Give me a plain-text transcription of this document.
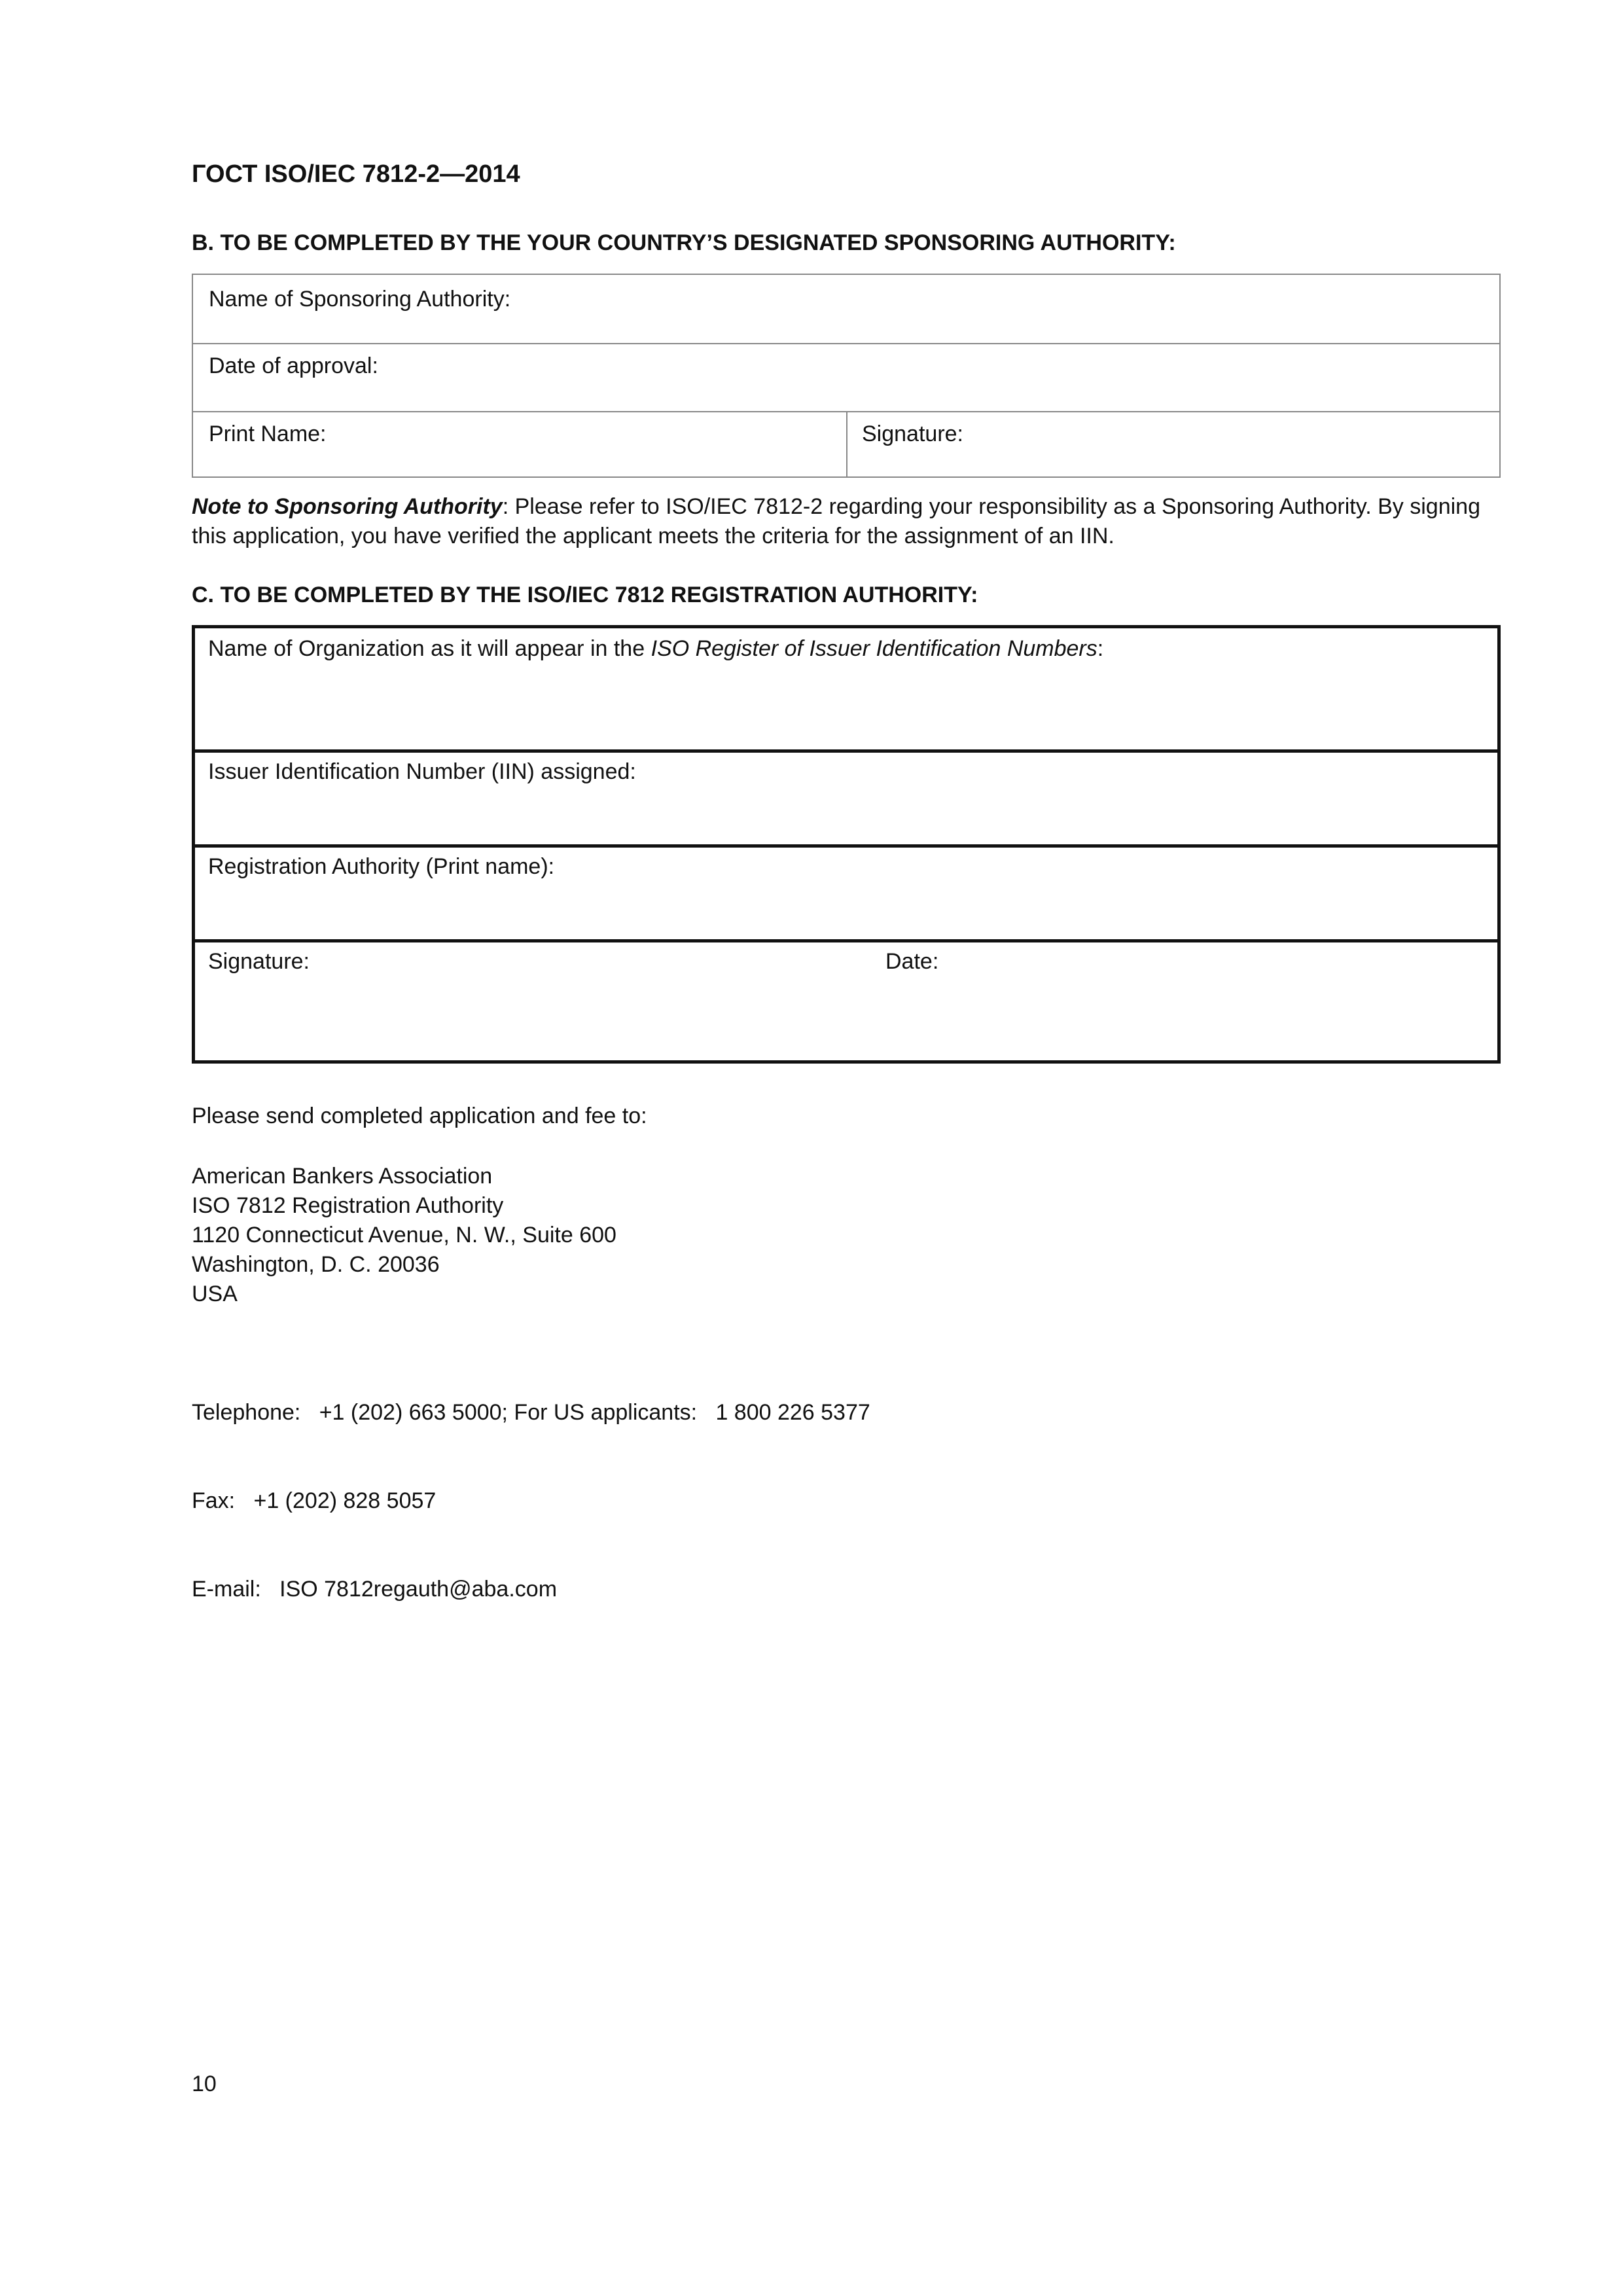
ГОСТ ISO/IEC 7812-2—2014
B. TO BE COMPLETED BY THE YOUR COUNTRY’S DESIGNATED SPONSORING AUTHORITY:
Name of Sponsoring Authority:
Date of approval:
Print Name:	Signature:
Note to Sponsoring Authority: Please refer to ISO/IEC 7812-2 regarding your responsibility as a Sponsoring Authority. By signing this application, you have verified the applicant meets the criteria for the assignment of an IIN.
C. TO BE COMPLETED BY THE ISO/IEC 7812 REGISTRATION AUTHORITY:
Name of Organization as it will appear in the ISO Register of Issuer Identification Numbers:
Issuer Identification Number (IIN) assigned:
Registration Authority (Print name):
Signature:	Date:
Please send completed application and fee to:
American Bankers Association
ISO 7812 Registration Authority
1120 Connecticut Avenue, N. W., Suite 600
Washington, D. C. 20036
USA

Telephone:   +1 (202) 663 5000; For US applicants:   1 800 226 5377

Fax:   +1 (202) 828 5057

E-mail:   ISO 7812regauth@aba.com

10
